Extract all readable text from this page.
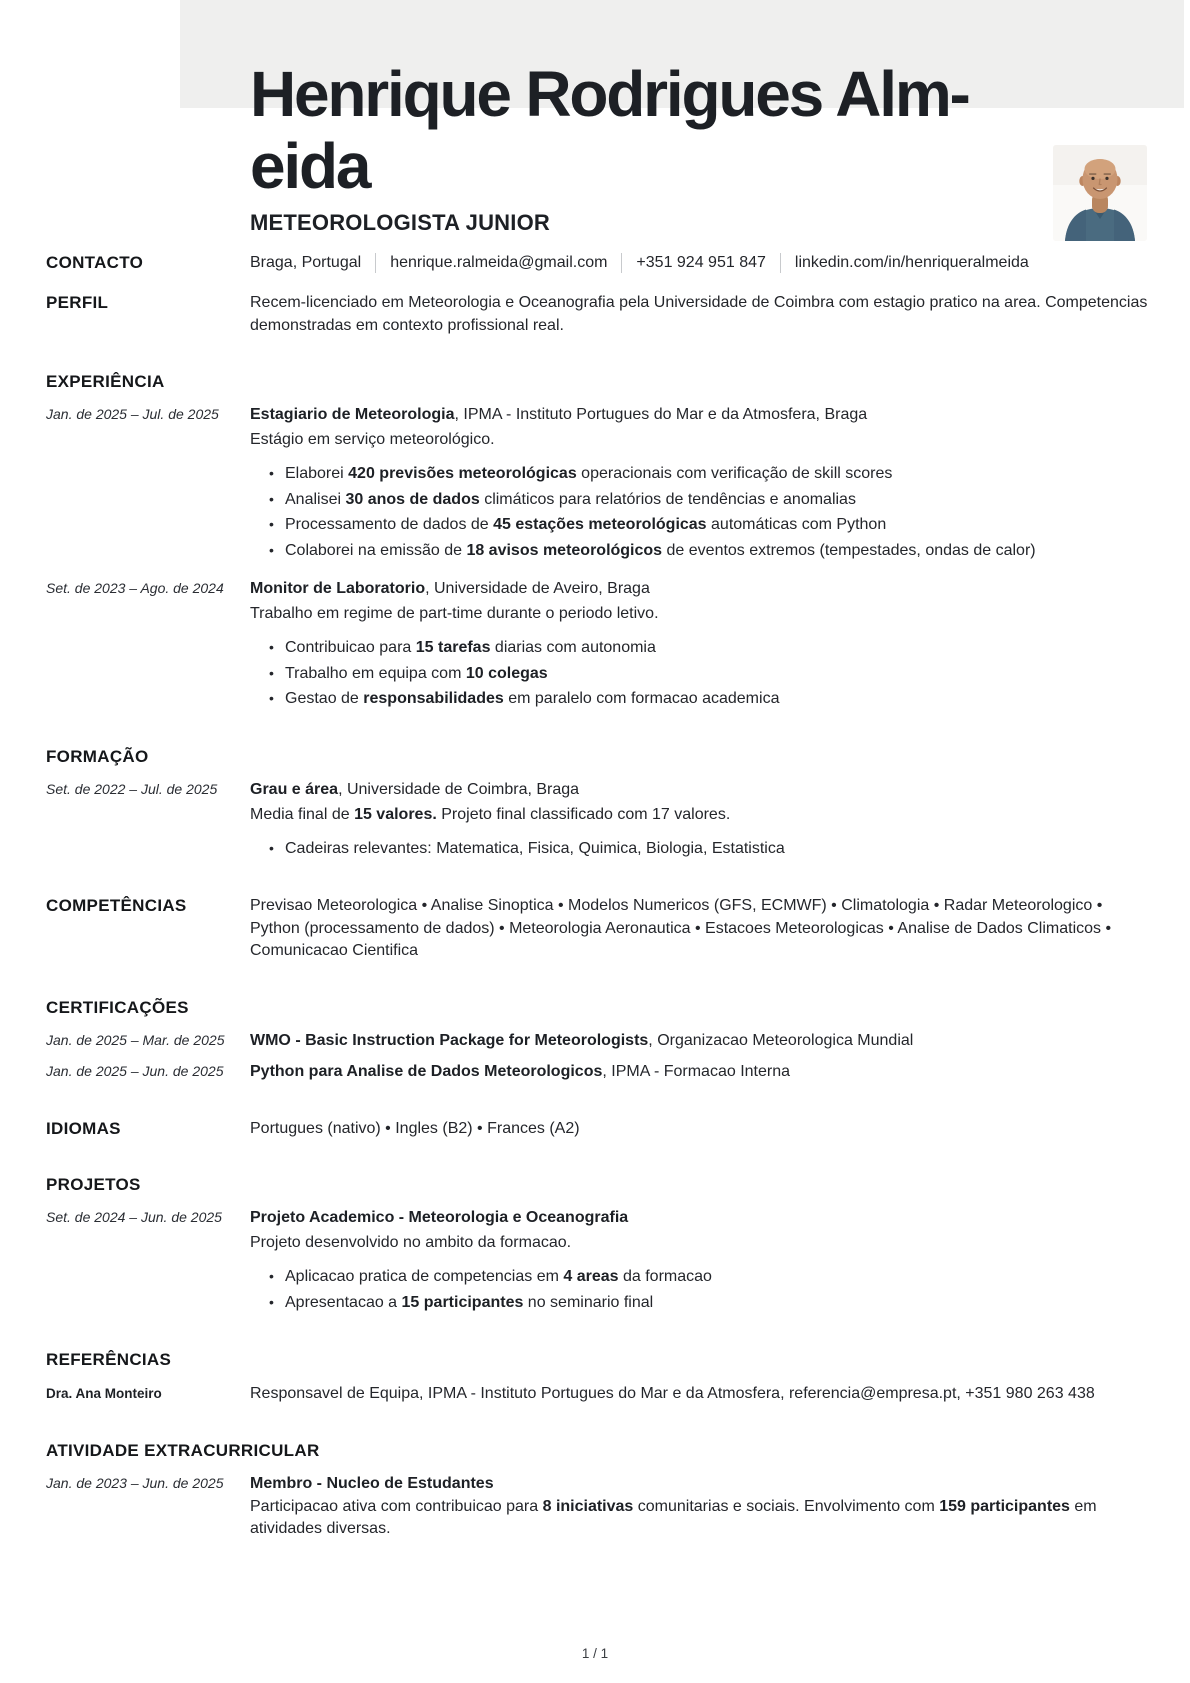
Henrique Rodrigues Alm-
eida

METEOROLOGISTA JUNIOR

CONTACTO	Braga, Portugal henrique.ralmeida@gmail.com +351 924 951 847 linkedin.com/in/henriqueralmeida
PERFIL	Recem-licenciado em Meteorologia e Oceanografia pela Universidade de Coimbra com estagio pratico na area. Competencias demonstradas em contexto profissional real.

EXPERIÊNCIA

Jan. de 2025 – Jul. de 2025	Estagiario de Meteorologia, IPMA - Instituto Portugues do Mar e da Atmosfera, Braga

Estágio em serviço meteorológico.

• Elaborei 420 previsões meteorológicas operacionais com verificação de skill scores
• Analisei 30 anos de dados climáticos para relatórios de tendências e anomalias
• Processamento de dados de 45 estações meteorológicas automáticas com Python
• Colaborei na emissão de 18 avisos meteorológicos de eventos extremos (tempestades, ondas de calor)

Set. de 2023 – Ago. de 2024	Monitor de Laboratorio, Universidade de Aveiro, Braga

Trabalho em regime de part-time durante o periodo letivo.

• Contribuicao para 15 tarefas diarias com autonomia
• Trabalho em equipa com 10 colegas
• Gestao de responsabilidades em paralelo com formacao academica
FORMAÇÃO

Set. de 2022 – Jul. de 2025	Grau e área, Universidade de Coimbra, Braga

Media final de 15 valores. Projeto final classificado com 17 valores.

• Cadeiras relevantes: Matematica, Fisica, Quimica, Biologia, Estatistica
COMPETÊNCIAS	Previsao Meteorologica • Analise Sinoptica • Modelos Numericos (GFS, ECMWF) • Climatologia • Radar Meteorologico • Python (processamento de dados) • Meteorologia Aeronautica • Estacoes Meteorologicas • Analise de Dados Climaticos • Comunicacao Cientifica

CERTIFICAÇÕES

Jan. de 2025 – Mar. de 2025	WMO - Basic Instruction Package for Meteorologists, Organizacao Meteorologica Mundial

Jan. de 2025 – Jun. de 2025	Python para Analise de Dados Meteorologicos, IPMA - Formacao Interna

IDIOMAS	Portugues (nativo) • Ingles (B2) • Frances (A2)

PROJETOS

Set. de 2024 – Jun. de 2025	Projeto Academico - Meteorologia e Oceanografia

Projeto desenvolvido no ambito da formacao.

• Aplicacao pratica de competencias em 4 areas da formacao
• Apresentacao a 15 participantes no seminario final
REFERÊNCIAS

Dra. Ana Monteiro	Responsavel de Equipa, IPMA - Instituto Portugues do Mar e da Atmosfera, referencia@empresa.pt, +351 980 263 438

ATIVIDADE EXTRACURRICULAR

Jan. de 2023 – Jun. de 2025	Membro - Nucleo de Estudantes

Participacao ativa com contribuicao para 8 iniciativas comunitarias e sociais. Envolvimento com 159 participantes em atividades diversas.

1 / 1
